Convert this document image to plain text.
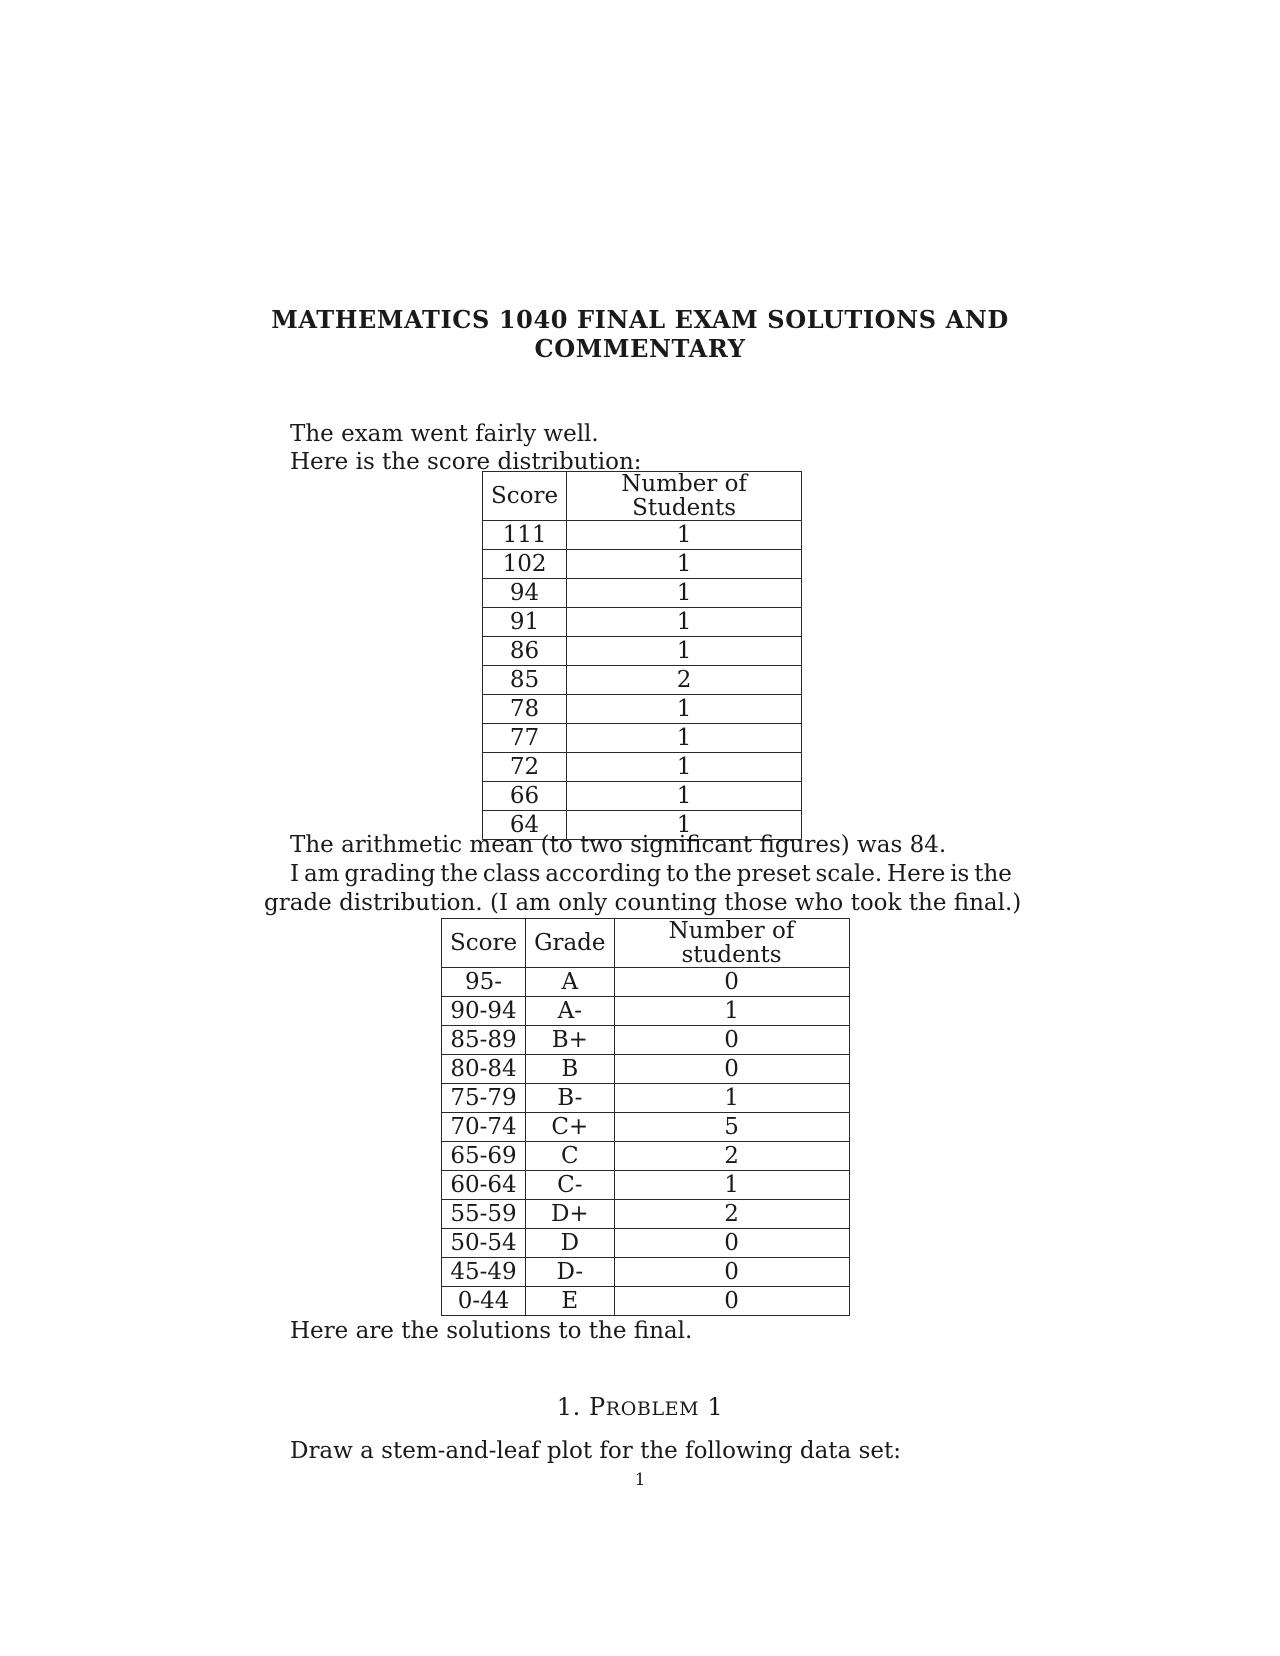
MATHEMATICS 1040 FINAL EXAM SOLUTIONS AND
COMMENTARY
The exam went fairly well.
Here is the score distribution:
Score	Number of Students
111	1
102	1
94	1
91	1
86	1
85	2
78	1
77	1
72	1
66	1
64	1
The arithmetic mean (to two significant figures) was 84.
I am grading the class according to the preset scale. Here is the
grade distribution. (I am only counting those who took the final.)
Score	Grade	Number of students
95-	A	0
90-94	A-	1
85-89	B+	0
80-84	B	0
75-79	B-	1
70-74	C+	5
65-69	C	2
60-64	C-	1
55-59	D+	2
50-54	D	0
45-49	D-	0
0-44	E	0
Here are the solutions to the final.
1. PROBLEM 1
Draw a stem-and-leaf plot for the following data set:
1
